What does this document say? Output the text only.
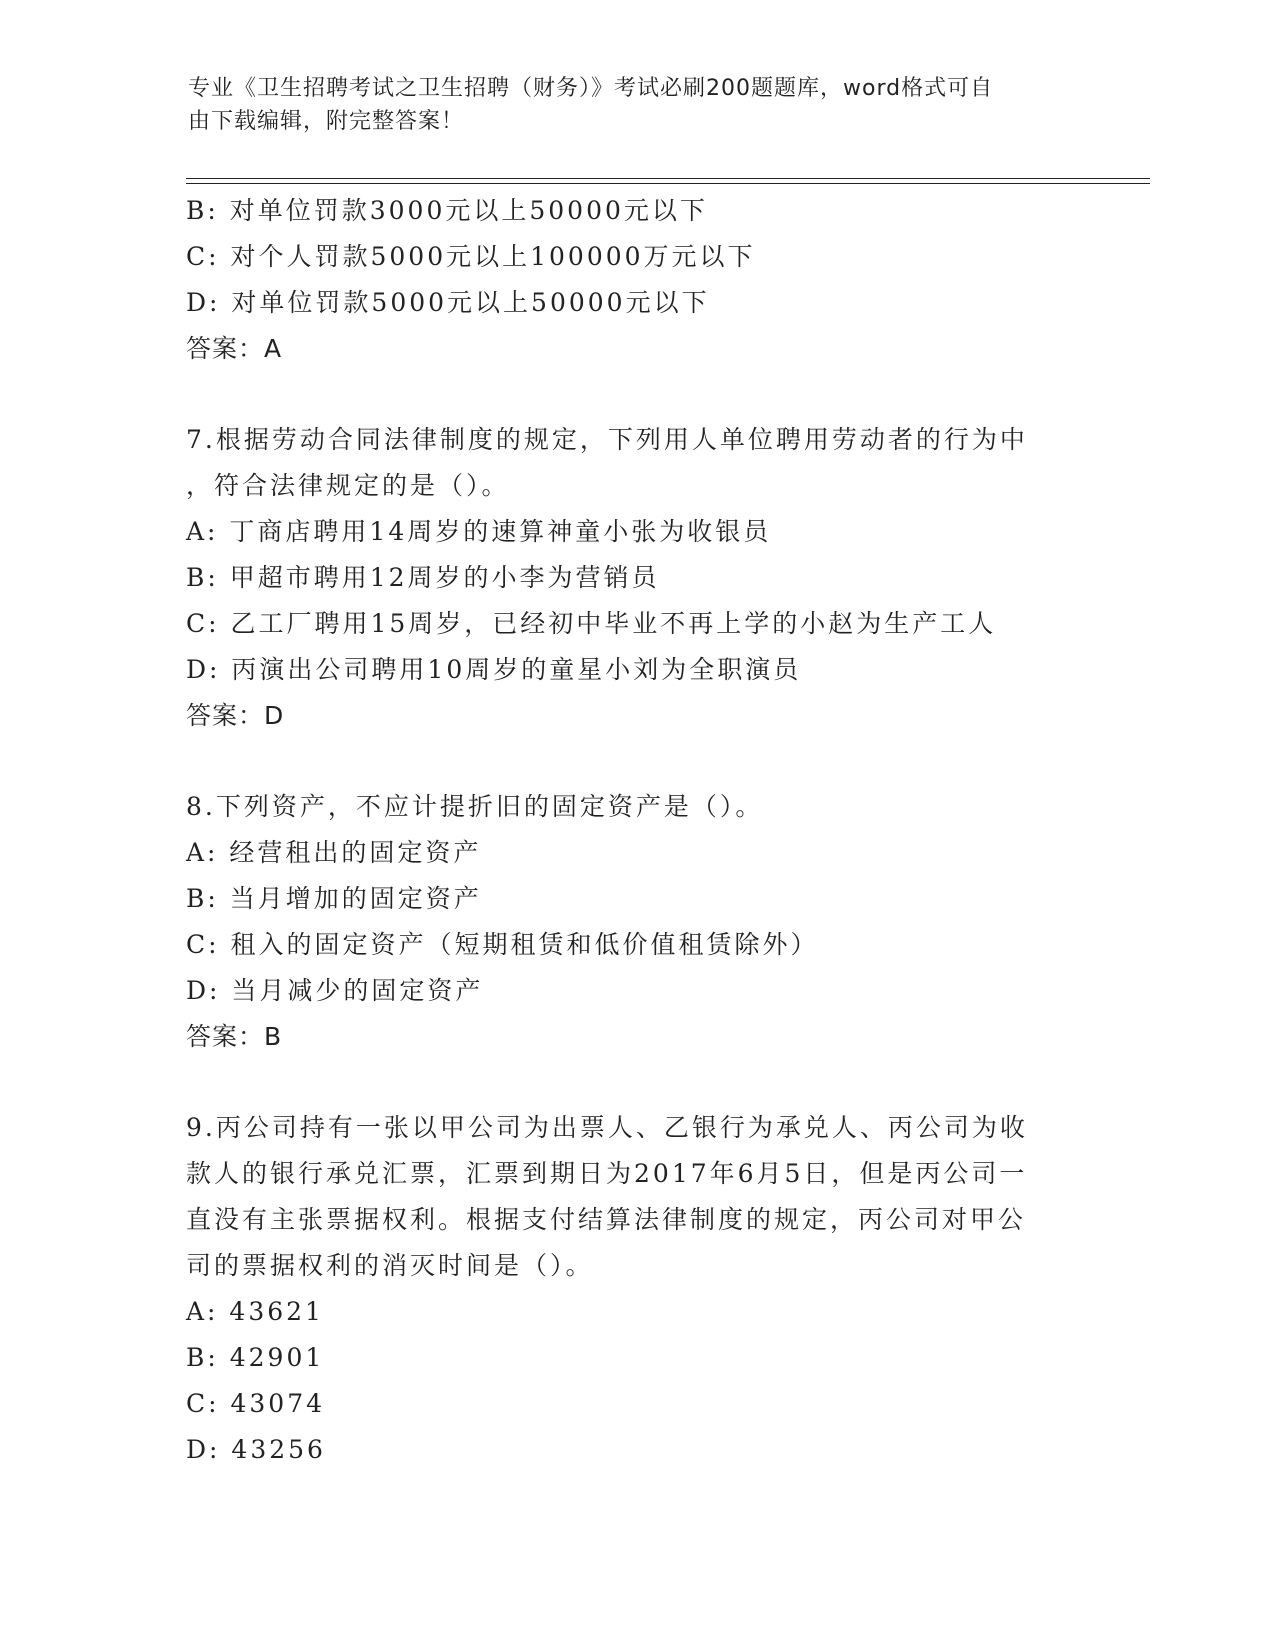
专业《卫生招聘考试之卫生招聘（财务）》考试必刷200题题库，word格式可自
由下载编辑，附完整答案！
B: 对单位罚款3000元以上50000元以下
C: 对个人罚款5000元以上100000万元以下
D: 对单位罚款5000元以上50000元以下
答案：A
7.根据劳动合同法律制度的规定，下列用人单位聘用劳动者的行为中
，符合法律规定的是（）。
A: 丁商店聘用14周岁的速算神童小张为收银员
B: 甲超市聘用12周岁的小李为营销员
C: 乙工厂聘用15周岁，已经初中毕业不再上学的小赵为生产工人
D: 丙演出公司聘用10周岁的童星小刘为全职演员
答案：D
8.下列资产，不应计提折旧的固定资产是（）。
A: 经营租出的固定资产
B: 当月增加的固定资产
C: 租入的固定资产（短期租赁和低价值租赁除外）
D: 当月减少的固定资产
答案：B
9.丙公司持有一张以甲公司为出票人、乙银行为承兑人、丙公司为收
款人的银行承兑汇票，汇票到期日为2017年6月5日，但是丙公司一
直没有主张票据权利。根据支付结算法律制度的规定，丙公司对甲公
司的票据权利的消灭时间是（）。
A: 43621
B: 42901
C: 43074
D: 43256
